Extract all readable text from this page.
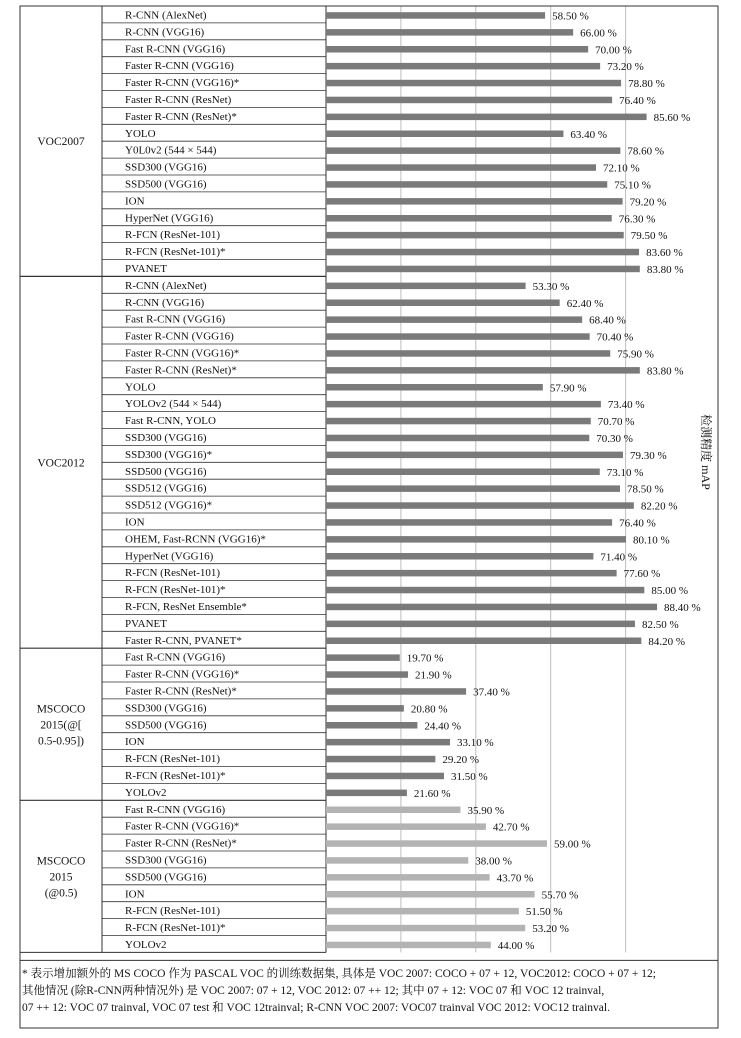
检测精度 mAP
VOC2007
R-CNN (AlexNet)	58.50 %
R-CNN (VGG16)	66.00 %
Fast R-CNN (VGG16)	70.00 %
Faster R-CNN (VGG16)	73.20 %
Faster R-CNN (VGG16)*	78.80 %
Faster R-CNN (ResNet)	76.40 %
Faster R-CNN (ResNet)*	85.60 %
YOLO	63.40 %
Y0L0v2 (544 × 544)	78.60 %
SSD300 (VGG16)	72.10 %
SSD500 (VGG16)	75.10 %
ION	79.20 %
HyperNet (VGG16)	76.30 %
R-FCN (ResNet-101)	79.50 %
R-FCN (ResNet-101)*	83.60 %
PVANET	83.80 %
VOC2012
R-CNN (AlexNet)	53.30 %
R-CNN (VGG16)	62.40 %
Fast R-CNN (VGG16)	68.40 %
Faster R-CNN (VGG16)	70.40 %
Faster R-CNN (VGG16)*	75.90 %
Faster R-CNN (ResNet)*	83.80 %
YOLO	57.90 %
YOLOv2 (544 × 544)	73.40 %
Fast R-CNN, YOLO	70.70 %
SSD300 (VGG16)	70.30 %
SSD300 (VGG16)*	79.30 %
SSD500 (VGG16)	73.10 %
SSD512 (VGG16)	78.50 %
SSD512 (VGG16)*	82.20 %
ION	76.40 %
OHEM, Fast-RCNN (VGG16)*	80.10 %
HyperNet (VGG16)	71.40 %
R-FCN (ResNet-101)	77.60 %
R-FCN (ResNet-101)*	85.00 %
R-FCN, ResNet Ensemble*	88.40 %
PVANET	82.50 %
Faster R-CNN, PVANET*	84.20 %
MSCOCO
2015(@[
0.5-0.95])
Fast R-CNN (VGG16)	19.70 %
Faster R-CNN (VGG16)*	21.90 %
Faster R-CNN (ResNet)*	37.40 %
SSD300 (VGG16)	20.80 %
SSD500 (VGG16)	24.40 %
ION	33.10 %
R-FCN (ResNet-101)	29.20 %
R-FCN (ResNet-101)*	31.50 %
YOLOv2	21.60 %
MSCOCO
2015
(@0.5)
Fast R-CNN (VGG16)	35.90 %
Faster R-CNN (VGG16)*	42.70 %
Faster R-CNN (ResNet)*	59.00 %
SSD300 (VGG16)	38.00 %
SSD500 (VGG16)	43.70 %
ION	55.70 %
R-FCN (ResNet-101)	51.50 %
R-FCN (ResNet-101)*	53.20 %
YOLOv2	44.00 %
* 表示增加额外的 MS COCO 作为 PASCAL VOC 的训练数据集, 具体是 VOC 2007: COCO + 07 + 12, VOC2012: COCO + 07 + 12;
其他情况 (除R-CNN两种情况外) 是 VOC 2007: 07 + 12, VOC 2012: 07 ++ 12; 其中 07 + 12: VOC 07 和 VOC 12 trainval,
07 ++ 12: VOC 07 trainval, VOC 07 test 和 VOC 12trainval; R-CNN VOC 2007: VOC07 trainval VOC 2012: VOC12 trainval.
